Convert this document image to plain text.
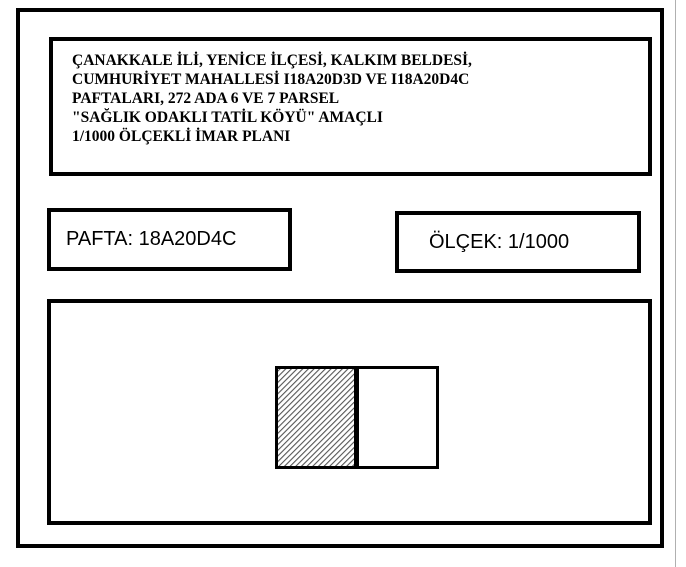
ÇANAKKALE İLİ, YENİCE İLÇESİ, KALKIM BELDESİ,
CUMHURİYET MAHALLESİ I18A20D3D VE I18A20D4C
PAFTALARI, 272 ADA 6 VE 7 PARSEL
"SAĞLIK ODAKLI TATİL KÖYÜ" AMAÇLI
1/1000 ÖLÇEKLİ İMAR PLANI
PAFTA: 18A20D4C	ÖLÇEK: 1/1000
